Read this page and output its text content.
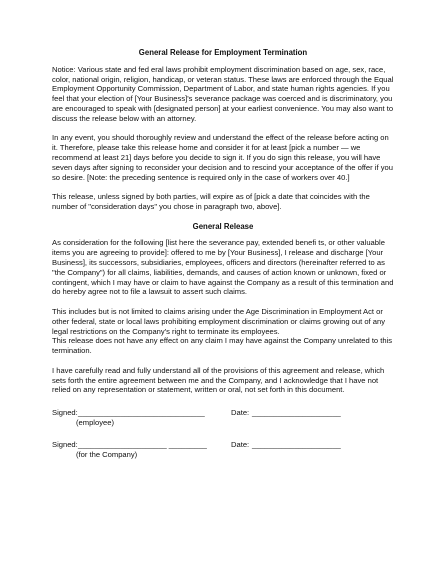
General Release for Employment Termination

Notice: Various state and fed eral laws prohibit employment discrimination based on age, sex, race, color, national origin, religion, handicap, or veteran status. These laws are enforced through the Equal Employment Opportunity Commission, Department of Labor, and state human rights agencies. If you feel that your election of [Your Business]'s severance package was coerced and is discriminatory, you are encouraged to speak with [designated person] at your earliest convenience. You may also want to discuss the release below with an attorney.

In any event, you should thoroughly review and understand the effect of the release before acting on it. Therefore, please take this release home and consider it for at least [pick a number — we recommend at least 21] days before you decide to sign it. If you do sign this release, you will have seven days after signing to reconsider your decision and to rescind your acceptance of the offer if you so desire. [Note: the preceding sentence is required only in the case of workers over 40.]

This release, unless signed by both parties, will expire as of [pick a date that coincides with the number of "consideration days" you chose in paragraph two, above].

General Release

As consideration for the following [list here the severance pay, extended benefi ts, or other valuable items you are agreeing to provide]: offered to me by [Your Business], I release and discharge [Your Business], its successors, subsidiaries, employees, officers and directors (hereinafter referred to as "the Company") for all claims, liabilities, demands, and causes of action known or unknown, fixed or contingent, which I may have or claim to have against the Company as a result of this termination and do hereby agree not to file a lawsuit to assert such claims.

This includes but is not limited to claims arising under the Age Discrimination in Employment Act or other federal, state or local laws prohibiting employment discrimination or claims growing out of any legal restrictions on the Company's right to terminate its employees.
This release does not have any effect on any claim I may have against the Company unrelated to this termination.

I have carefully read and fully understand all of the provisions of this agreement and release, which sets forth the entire agreement between me and the Company, and I acknowledge that I have not relied on any representation or statement, written or oral, not set forth in this document.

Signed: ______________________________	Date: _____________________
(employee)
Signed: _____________________ _________	Date: _____________________
(for the Company)
